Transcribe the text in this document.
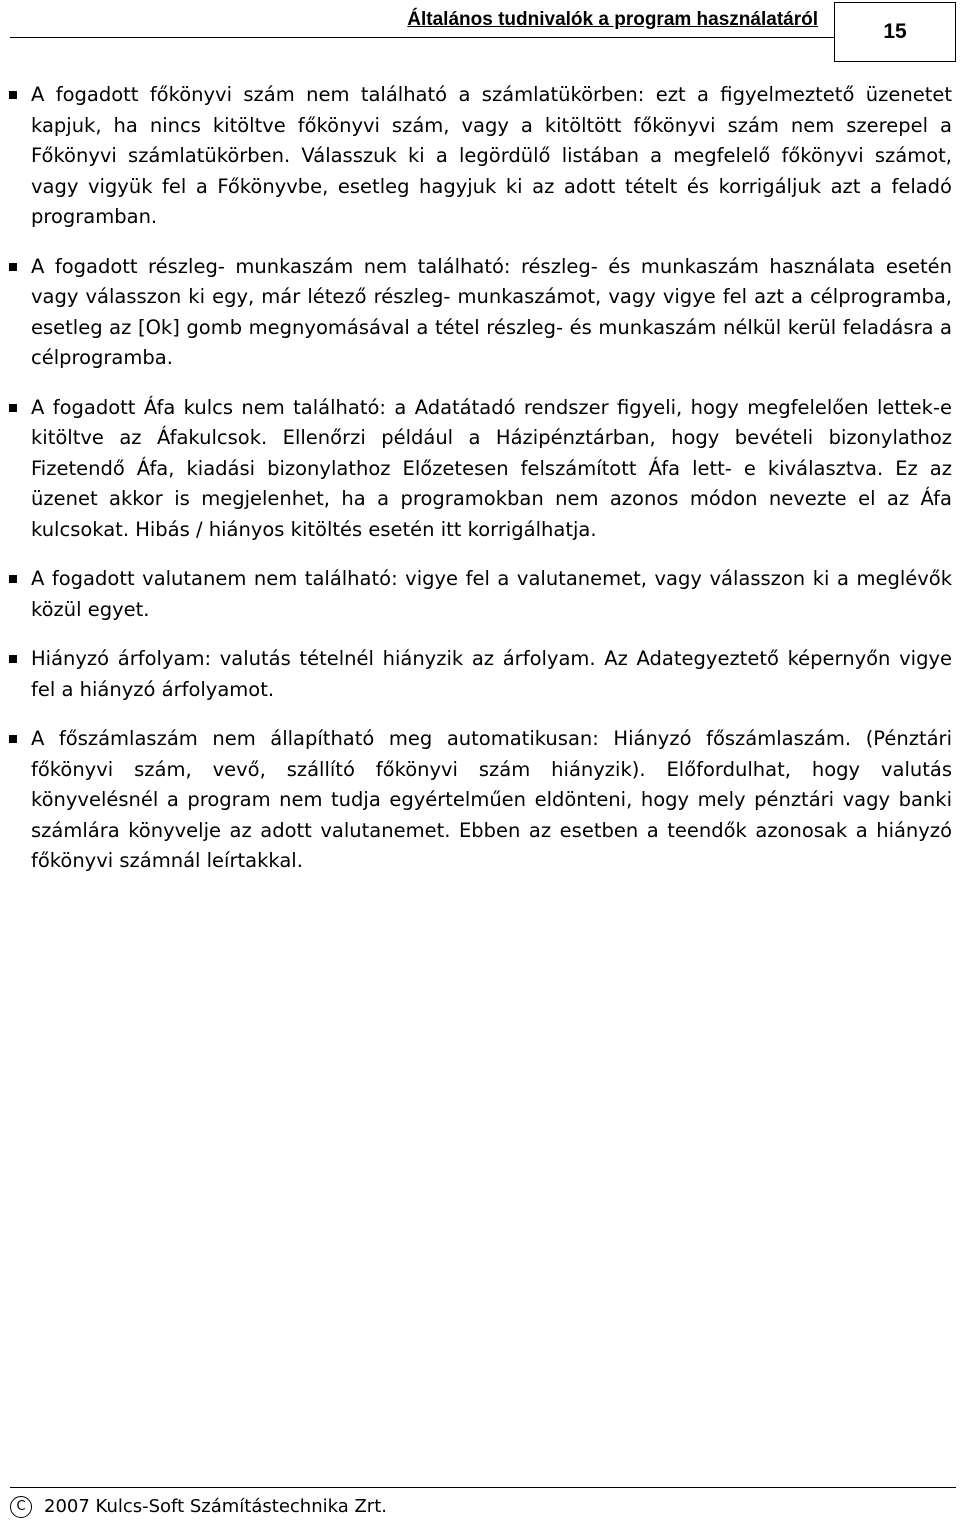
Általános tudnivalók a program használatáról
15
A fogadott főkönyvi szám nem található a számlatükörben: ezt a figyelmeztető üzenetet kapjuk, ha nincs kitöltve főkönyvi szám, vagy a kitöltött főkönyvi szám nem szerepel a Főkönyvi számlatükörben. Válasszuk ki a legördülő listában a megfelelő főkönyvi számot, vagy vigyük fel a Főkönyvbe, esetleg hagyjuk ki az adott tételt és korrigáljuk azt a feladó programban.
A fogadott részleg- munkaszám nem található: részleg- és munkaszám használata esetén vagy válasszon ki egy, már létező részleg- munkaszámot, vagy vigye fel azt a célprogramba, esetleg az [Ok] gomb megnyomásával a tétel részleg- és munkaszám nélkül kerül feladásra a célprogramba.
A fogadott Áfa kulcs nem található: a Adatátadó rendszer figyeli, hogy megfelelően lettek-e kitöltve az Áfakulcsok. Ellenőrzi például a Házipénztárban, hogy bevételi bizonylathoz Fizetendő Áfa, kiadási bizonylathoz Előzetesen felszámított Áfa lett- e kiválasztva. Ez az üzenet akkor is megjelenhet, ha a programokban nem azonos módon nevezte el az Áfa kulcsokat. Hibás / hiányos kitöltés esetén itt korrigálhatja.
A fogadott valutanem nem található: vigye fel a valutanemet, vagy válasszon ki a meglévők közül egyet.
Hiányzó árfolyam: valutás tételnél hiányzik az árfolyam. Az Adategyeztető képernyőn vigye fel a hiányzó árfolyamot.
A főszámlaszám nem állapítható meg automatikusan: Hiányzó főszámlaszám. (Pénztári főkönyvi szám, vevő, szállító főkönyvi szám hiányzik). Előfordulhat, hogy valutás könyvelésnél a program nem tudja egyértelműen eldönteni, hogy mely pénztári vagy banki számlára könyvelje az adott valutanemet. Ebben az esetben a teendők azonosak a hiányzó főkönyvi számnál leírtakkal.
C	2007 Kulcs-Soft Számítástechnika Zrt.
